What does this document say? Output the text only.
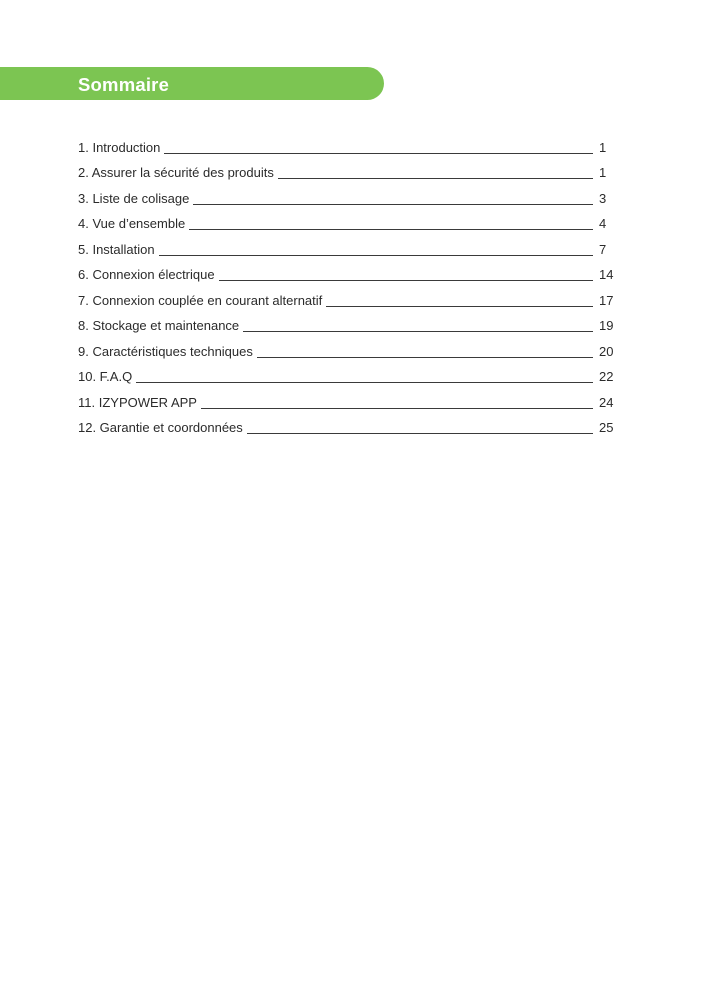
Sommaire
1. Introduction	1
2. Assurer la sécurité des produits	1
3. Liste de colisage	3
4. Vue d’ensemble	4
5. Installation	7
6. Connexion électrique	14
7. Connexion couplée en courant alternatif	17
8. Stockage et maintenance	19
9. Caractéristiques techniques	20
10. F.A.Q	22
11. IZYPOWER APP	24
12. Garantie et coordonnées	25
